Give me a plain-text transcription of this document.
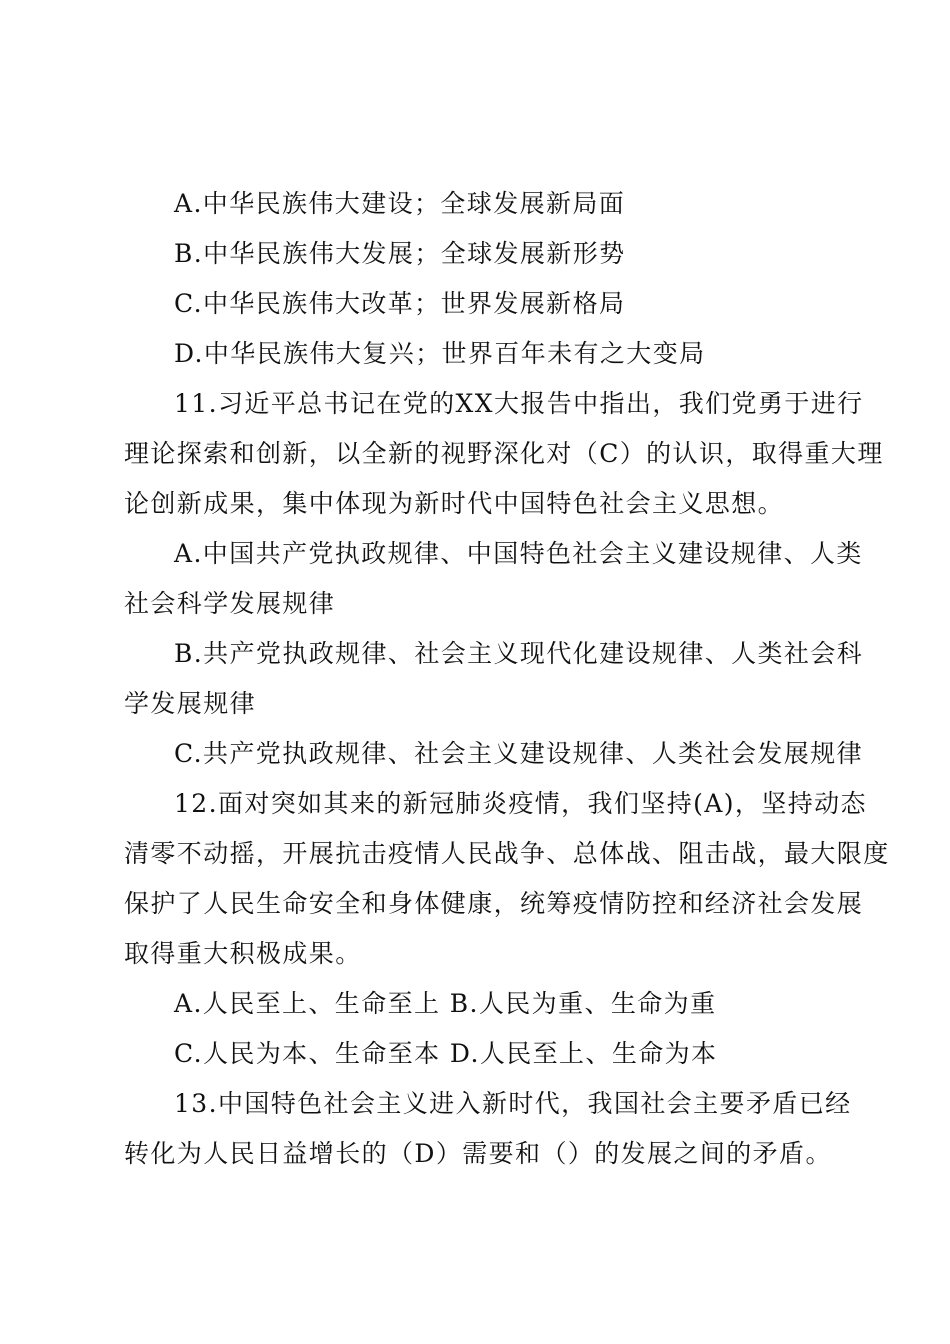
A.中华民族伟大建设；全球发展新局面
B.中华民族伟大发展；全球发展新形势
C.中华民族伟大改革；世界发展新格局
D.中华民族伟大复兴；世界百年未有之大变局
11.习近平总书记在党的XX大报告中指出，我们党勇于进行
理论探索和创新，以全新的视野深化对（C）的认识，取得重大理
论创新成果，集中体现为新时代中国特色社会主义思想。
A.中国共产党执政规律、中国特色社会主义建设规律、人类
社会科学发展规律
B.共产党执政规律、社会主义现代化建设规律、人类社会科
学发展规律
C.共产党执政规律、社会主义建设规律、人类社会发展规律
12.面对突如其来的新冠肺炎疫情，我们坚持(A)，坚持动态
清零不动摇，开展抗击疫情人民战争、总体战、阻击战，最大限度
保护了人民生命安全和身体健康，统筹疫情防控和经济社会发展
取得重大积极成果。
A.人民至上、生命至上 B.人民为重、生命为重
C.人民为本、生命至本 D.人民至上、生命为本
13.中国特色社会主义进入新时代，我国社会主要矛盾已经
转化为人民日益增长的（D）需要和（）的发展之间的矛盾。
